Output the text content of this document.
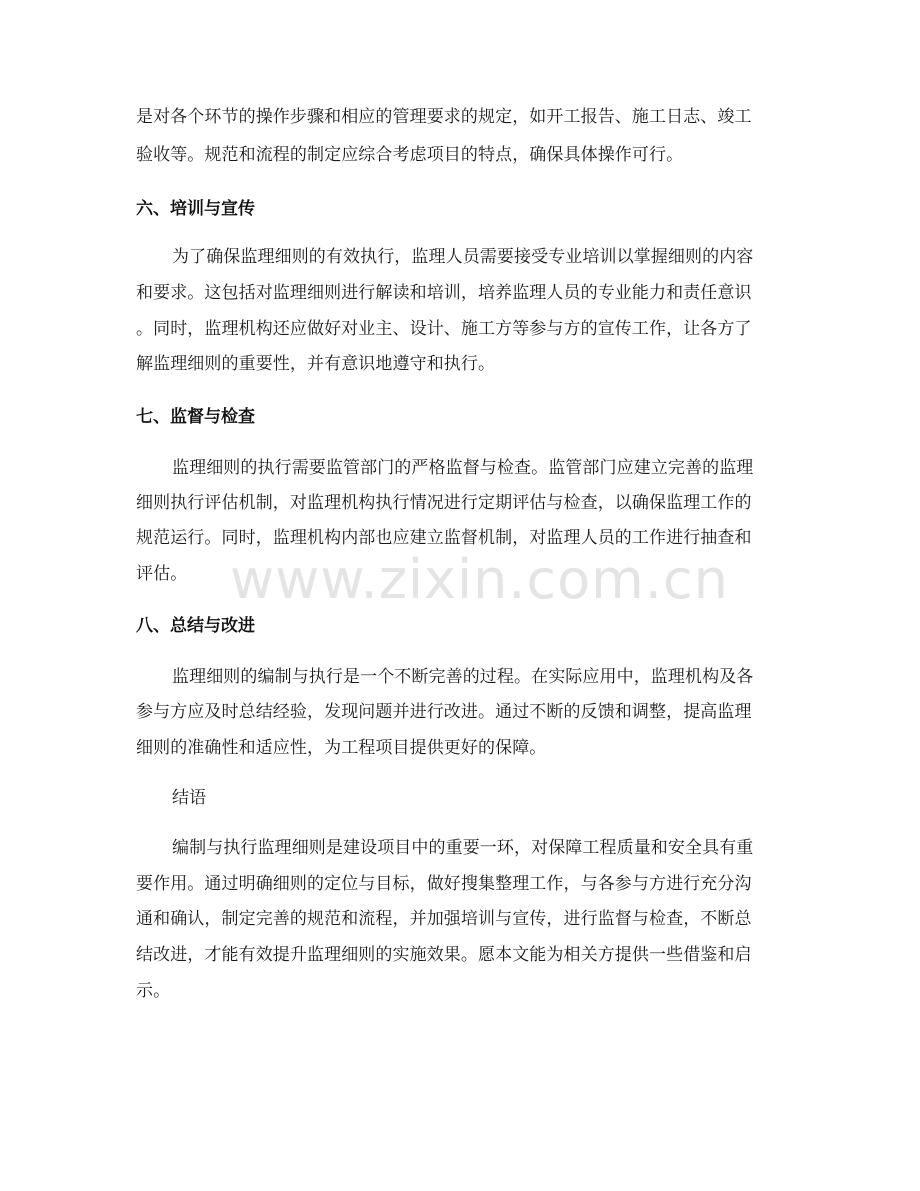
是对各个环节的操作步骤和相应的管理要求的规定，如开工报告、施工日志、竣工
验收等。规范和流程的制定应综合考虑项目的特点，确保具体操作可行。
六、培训与宣传
为了确保监理细则的有效执行，监理人员需要接受专业培训以掌握细则的内容
和要求。这包括对监理细则进行解读和培训，培养监理人员的专业能力和责任意识
。同时，监理机构还应做好对业主、设计、施工方等参与方的宣传工作，让各方了
解监理细则的重要性，并有意识地遵守和执行。
七、监督与检查
监理细则的执行需要监管部门的严格监督与检查。监管部门应建立完善的监理
细则执行评估机制，对监理机构执行情况进行定期评估与检查，以确保监理工作的
规范运行。同时，监理机构内部也应建立监督机制，对监理人员的工作进行抽查和
评估。
八、总结与改进
监理细则的编制与执行是一个不断完善的过程。在实际应用中，监理机构及各
参与方应及时总结经验，发现问题并进行改进。通过不断的反馈和调整，提高监理
细则的准确性和适应性，为工程项目提供更好的保障。
结语
编制与执行监理细则是建设项目中的重要一环，对保障工程质量和安全具有重
要作用。通过明确细则的定位与目标，做好搜集整理工作，与各参与方进行充分沟
通和确认，制定完善的规范和流程，并加强培训与宣传，进行监督与检查，不断总
结改进，才能有效提升监理细则的实施效果。愿本文能为相关方提供一些借鉴和启
示。
www.zixin.com.cn
